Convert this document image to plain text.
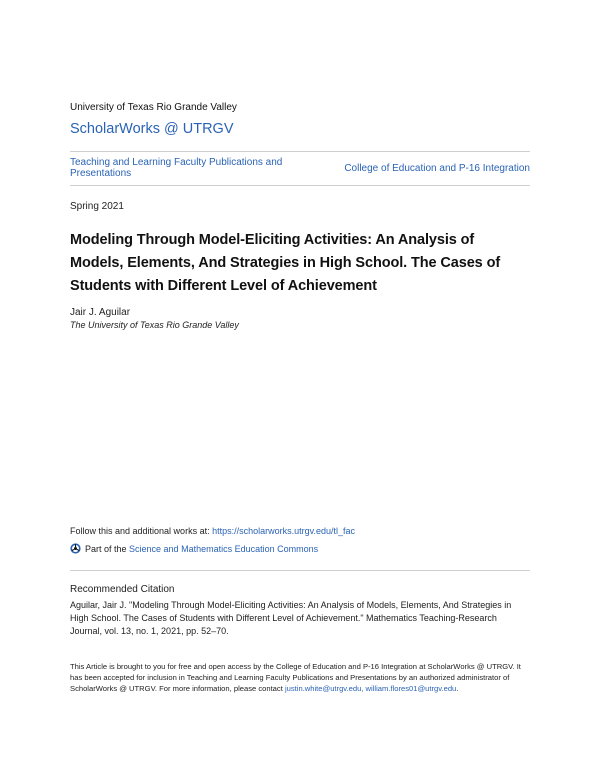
University of Texas Rio Grande Valley
ScholarWorks @ UTRGV
Teaching and Learning Faculty Publications and Presentations	College of Education and P-16 Integration
Spring 2021
Modeling Through Model-Eliciting Activities: An Analysis of Models, Elements, And Strategies in High School. The Cases of Students with Different Level of Achievement
Jair J. Aguilar
The University of Texas Rio Grande Valley
Follow this and additional works at: https://scholarworks.utrgv.edu/tl_fac
Part of the Science and Mathematics Education Commons
Recommended Citation
Aguilar, Jair J. "Modeling Through Model-Eliciting Activities: An Analysis of Models, Elements, And Strategies in High School. The Cases of Students with Different Level of Achievement." Mathematics Teaching-Research Journal, vol. 13, no. 1, 2021, pp. 52–70.
This Article is brought to you for free and open access by the College of Education and P-16 Integration at ScholarWorks @ UTRGV. It has been accepted for inclusion in Teaching and Learning Faculty Publications and Presentations by an authorized administrator of ScholarWorks @ UTRGV. For more information, please contact justin.white@utrgv.edu, william.flores01@utrgv.edu.
